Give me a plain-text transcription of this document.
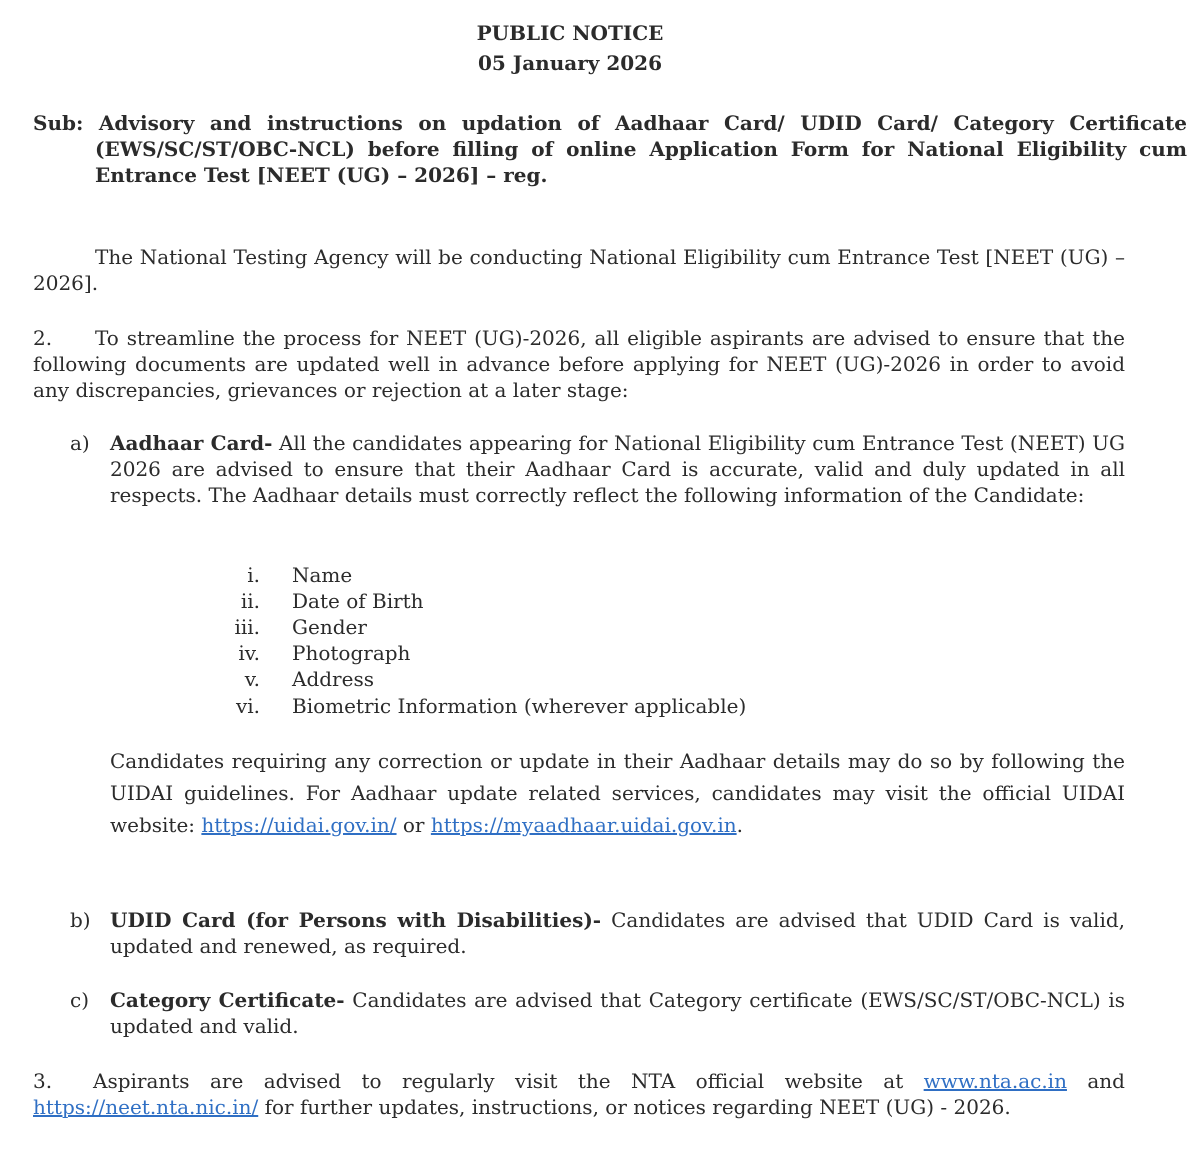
PUBLIC NOTICE
05 January 2026
Sub: Advisory and instructions on updation of Aadhaar Card/ UDID Card/ Category Certificate (EWS/SC/ST/OBC-NCL) before filling of online Application Form for National Eligibility cum Entrance Test [NEET (UG) – 2026] – reg.
The National Testing Agency will be conducting National Eligibility cum Entrance Test [NEET (UG) – 2026].
2. To streamline the process for NEET (UG)-2026, all eligible aspirants are advised to ensure that the following documents are updated well in advance before applying for NEET (UG)-2026 in order to avoid any discrepancies, grievances or rejection at a later stage:
a) Aadhaar Card- All the candidates appearing for National Eligibility cum Entrance Test (NEET) UG 2026 are advised to ensure that their Aadhaar Card is accurate, valid and duly updated in all respects. The Aadhaar details must correctly reflect the following information of the Candidate:
i. Name
ii. Date of Birth
iii. Gender
iv. Photograph
v. Address
vi. Biometric Information (wherever applicable)
Candidates requiring any correction or update in their Aadhaar details may do so by following the UIDAI guidelines. For Aadhaar update related services, candidates may visit the official UIDAI website: https://uidai.gov.in/ or https://myaadhaar.uidai.gov.in.
b) UDID Card (for Persons with Disabilities)- Candidates are advised that UDID Card is valid, updated and renewed, as required.
c) Category Certificate- Candidates are advised that Category certificate (EWS/SC/ST/OBC-NCL) is updated and valid.
3. Aspirants are advised to regularly visit the NTA official website at www.nta.ac.in and https://neet.nta.nic.in/ for further updates, instructions, or notices regarding NEET (UG) - 2026.
